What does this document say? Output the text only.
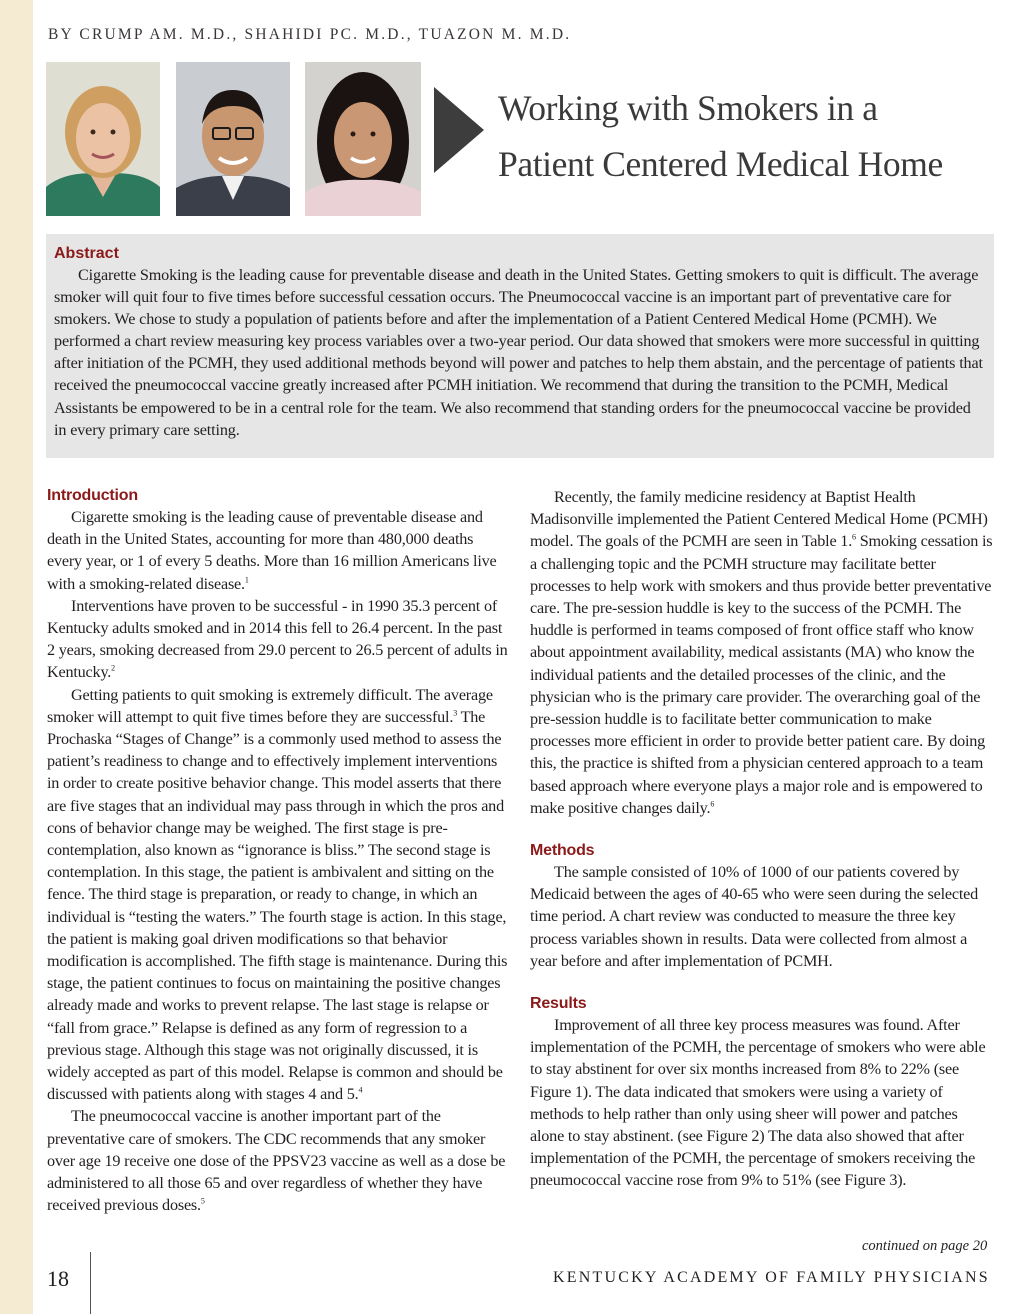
BY CRUMP AM. M.D., SHAHIDI PC. M.D., TUAZON M. M.D.
Working with Smokers in a
Patient Centered Medical Home
Abstract

Cigarette Smoking is the leading cause for preventable disease and death in the United States. Getting smokers to quit is difficult. The average smoker will quit four to five times before successful cessation occurs. The Pneumococcal vaccine is an important part of preventative care for smokers. We chose to study a population of patients before and after the implementation of a Patient Centered Medical Home (PCMH). We performed a chart review measuring key process variables over a two-year period. Our data showed that smokers were more successful in quitting after initiation of the PCMH, they used additional methods beyond will power and patches to help them abstain, and the percentage of patients that received the pneumococcal vaccine greatly increased after PCMH initiation. We recommend that during the transition to the PCMH, Medical Assistants be empowered to be in a central role for the team. We also recommend that standing orders for the pneumococcal vaccine be provided in every primary care setting.

Introduction

Cigarette smoking is the leading cause of preventable disease and death in the United States, accounting for more than 480,000 deaths every year, or 1 of every 5 deaths. More than 16 million Americans live with a smoking-related disease.$^1$

Interventions have proven to be successful - in 1990 35.3 percent of Kentucky adults smoked and in 2014 this fell to 26.4 percent. In the past 2 years, smoking decreased from 29.0 percent to 26.5 percent of adults in Kentucky.$^2$

Getting patients to quit smoking is extremely difficult. The average smoker will attempt to quit five times before they are successful.$^3$ The Prochaska “Stages of Change” is a commonly used method to assess the patient’s readiness to change and to effectively implement interventions in order to create positive behavior change. This model asserts that there are five stages that an individual may pass through in which the pros and cons of behavior change may be weighed. The first stage is pre-contemplation, also known as “ignorance is bliss.” The second stage is contemplation. In this stage, the patient is ambivalent and sitting on the fence. The third stage is preparation, or ready to change, in which an individual is “testing the waters.” The fourth stage is action. In this stage, the patient is making goal driven modifications so that behavior modification is accomplished. The fifth stage is maintenance. During this stage, the patient continues to focus on maintaining the positive changes already made and works to prevent relapse. The last stage is relapse or “fall from grace.” Relapse is defined as any form of regression to a previous stage. Although this stage was not originally discussed, it is widely accepted as part of this model. Relapse is common and should be discussed with patients along with stages 4 and 5.$^4$

The pneumococcal vaccine is another important part of the preventative care of smokers. The CDC recommends that any smoker over age 19 receive one dose of the PPSV23 vaccine as well as a dose be administered to all those 65 and over regardless of whether they have received previous doses.$^5$

Recently, the family medicine residency at Baptist Health Madisonville implemented the Patient Centered Medical Home (PCMH) model. The goals of the PCMH are seen in Table 1.$^6$ Smoking cessation is a challenging topic and the PCMH structure may facilitate better processes to help work with smokers and thus provide better preventative care. The pre-session huddle is key to the success of the PCMH. The huddle is performed in teams composed of front office staff who know about appointment availability, medical assistants (MA) who know the individual patients and the detailed processes of the clinic, and the physician who is the primary care provider. The overarching goal of the pre-session huddle is to facilitate better communication to make processes more efficient in order to provide better patient care. By doing this, the practice is shifted from a physician centered approach to a team based approach where everyone plays a major role and is empowered to make positive changes daily.$^6$

Methods

The sample consisted of 10% of 1000 of our patients covered by Medicaid between the ages of 40-65 who were seen during the selected time period. A chart review was conducted to measure the three key process variables shown in results. Data were collected from almost a year before and after implementation of PCMH.

Results

Improvement of all three key process measures was found. After implementation of the PCMH, the percentage of smokers who were able to stay abstinent for over six months increased from 8% to 22% (see Figure 1). The data indicated that smokers were using a variety of methods to help rather than only using sheer will power and patches alone to stay abstinent. (see Figure 2) The data also showed that after implementation of the PCMH, the percentage of smokers receiving the pneumococcal vaccine rose from 9% to 51% (see Figure 3).

continued on page 20
18	KENTUCKY ACADEMY OF FAMILY PHYSICIANS
